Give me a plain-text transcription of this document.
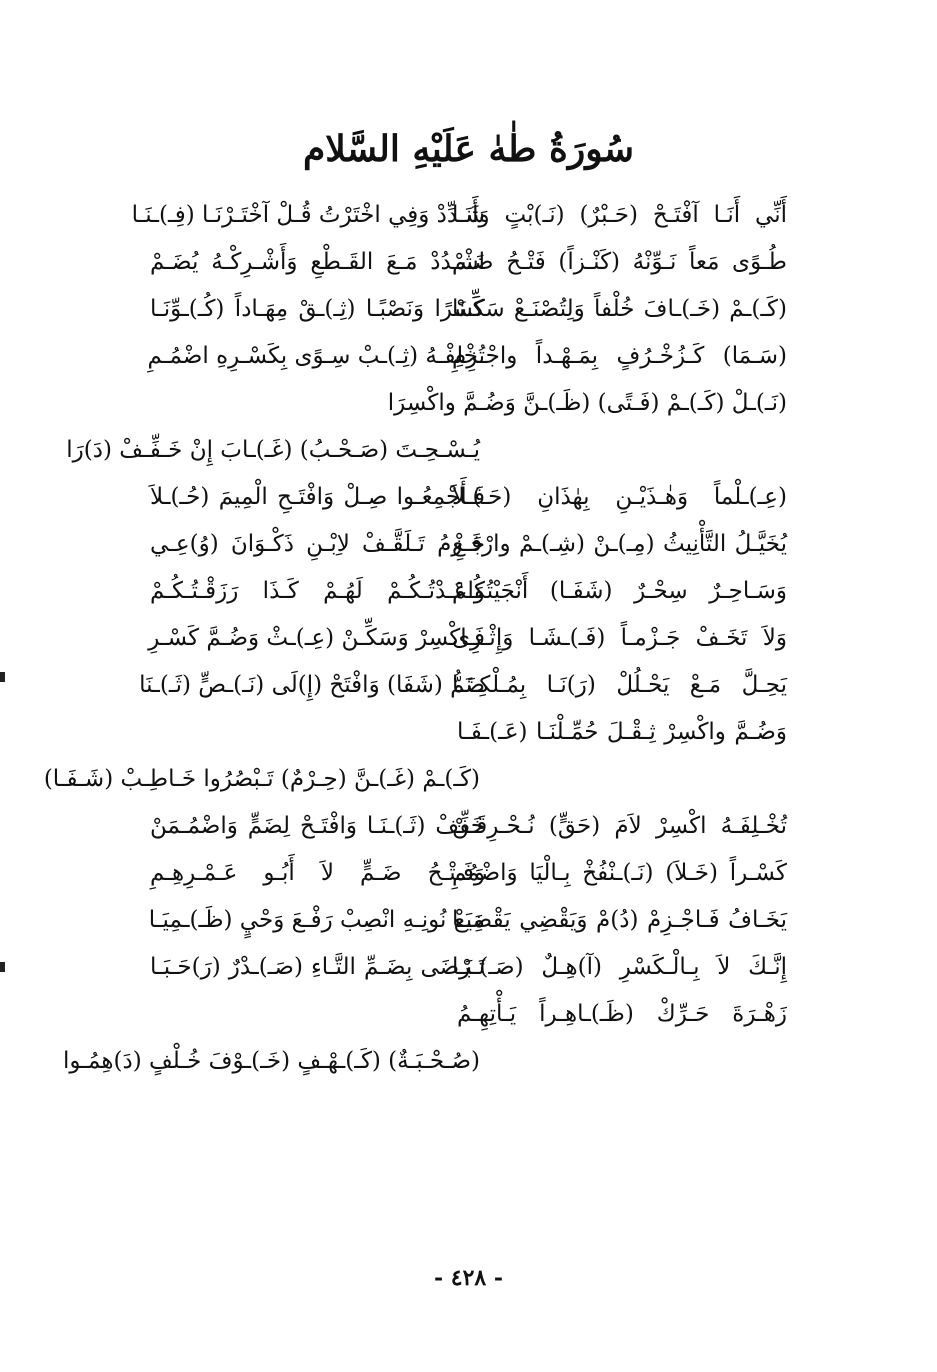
سُورَةُ طٰهٰ عَلَيْهِ السَّلام
أَنِّي أَنَـا آفْتَـحْ (حَـبْرٌ) (نَـ)بْتٍ وَأَنَـا
شَـدِّدْ وَفِي اخْتَرْتُ قُـلْ آخْتَـرْنَـا (فِـ)ـنَـا
طُـوًى مَعاً نَـوِّنْهُ (كَنْـزاً) فَتْـحُ ضَـمْ
اشْـدُدْ مَـعَ القَـطْعِ وَأَشْـرِكْـهُ يُضَـمْ
(كَـ)ـمْ (خَـ)ـافَ خُلْفاً وَلِتُصْنَـعْ سَكِّـنَا
كَسْرًا وَنَصْبًـا (ثِـ)ـقْ مِهَـاداً (كُـ)ـوِّنَـا
(سَـمَا) كَـزُخْـرُفٍ بِمَـهْـداً واجْـزِمِ
تُخْلِفْـهُ (ثِـ)ـبْ سِـوًى بِكَسْـرِهِ اضْمُـمِ
(نَـ)ـلْ (كَـ)ـمْ (فَـتًى) (ظَـ)ـنَّ وَضُـمَّ واكْسِرَا
يُـسْـحِـتَ (صَـحْـبُ) (غَـ)ـابَ إِنْ خَـفِّـفْ (دَ)رَا
(عِـ)ـلْماً وَهٰـذَيْـنِ بِهٰذَانِ (حَـ)ـلاَ
فَـأَجْمِعُـوا صِـلْ وَافْتَـحِ الْمِيمَ (حُـ)ـلاَ
يُخَيَّـلُ التَّأْنِيثُ (مِـ)ـنْ (شِـ)ـمْ وارْفَـعِ
جَـزْمُ تَـلَقَّـفْ لاِبْـنِ ذَكْـوَانَ (وُ)عِـي
وَسَـاحِـرٌ سِحْـرٌ (شَفَـا) أَنْجَيْتُكُـمْ
وَاعَـدْتُـكُـمْ لَهُـمْ كَـذَا رَزَقْـتُـكُـمْ
وَلاَ تَخَـفْ جَـزْمـاً (فَـ)ـشَـا وَإِثْـرِى
فَـاكْسِرْ وَسَكِّـنْ (عِـ)ـثْ وَضُـمَّ كَسْـرِ
يَحِـلَّ مَـعْ يَحْـلُلْ (رَ)نَـا بِمُـلْكِـنَـا
ضَمُّ (شَفَا) وَافْتَحْ (إِ)لَى (نَـ)ـصٍّ (ثَـ)ـنَا
وَضُـمَّ واكْسِرْ ثِـقْـلَ حُمِّـلْنَـا (عَـ)ـفَـا
(كَـ)ـمْ (غَـ)ـنَّ (حِـرْمٌ) تَـبْصُرُوا خَـاطِـبْ (شَـفَـا)
تُخْـلِفَـهُ اكْسِرْ لاَمَ (حَقٍّ) نُـحْـرِقَـنْ
خَفِّفْ (ثَـ)ـنَـا وَافْتَـحْ لِضَمٍّ وَاضْمُـمَنْ
كَسْـراً (خَـلاَ) (نَـ)ـنْفُخْ بِـالْيَا وَاضْمُمِ
وَفَـتْـحُ ضَـمٍّ لاَ أَبُـو عَـمْـرِهِـمِ
يَخَـافُ فَـاجْـزِمْ (دُ)مْ وَيَقْضِي يَقْضِيَـا
مَـعْ نُونِـهِ انْصِبْ رَفْـعَ وَحْيٍ (ظَـ)ـمِيَـا
إِنَّـكَ لاَ بِـالْـكَسْرِ (آ)هِـلٌ (صَـ)ـبَـا
تَـرْضَى بِضَـمِّ التَّـاءِ (صَـ)ـدْرٌ (رَ)حَـبَـا
زَهْـرَةَ حَـرِّكْ (ظَـ)ـاهِـراً يَـأْتِهِـمُ
(صُـحْـبَـةٌ) (كَـ)ـهْـفٍ (خَـ)ـوْفَ خُـلْفٍ (دَ)هِمُـوا
- ٤٢٨ -
